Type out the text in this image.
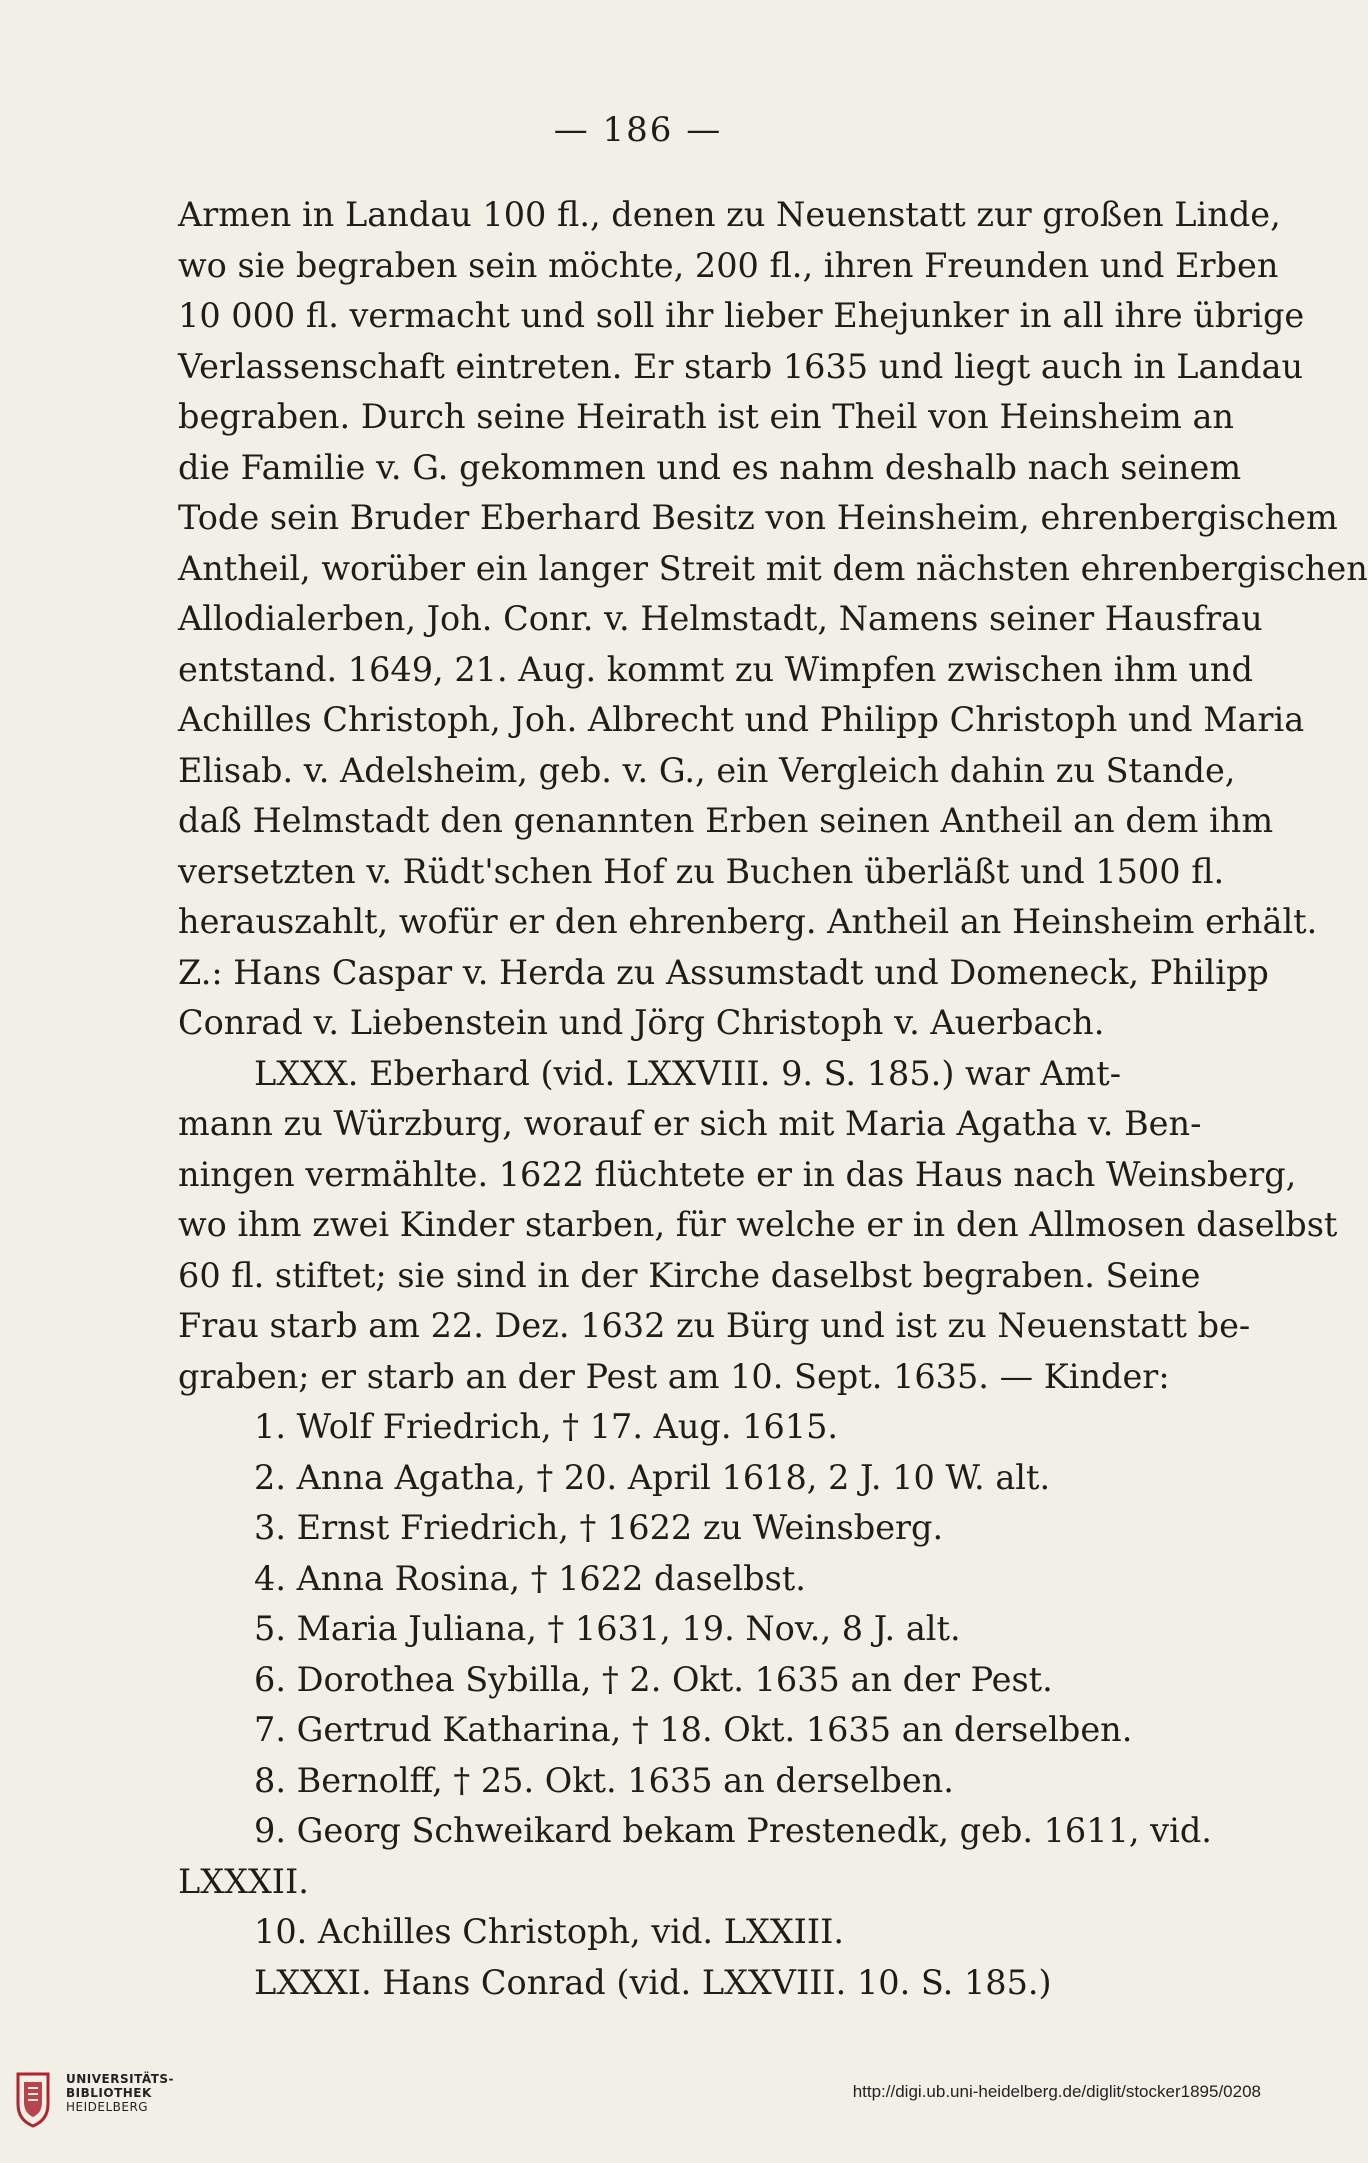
— 186 —
Armen in Landau 100 fl., denen zu Neuenstatt zur großen Linde,
wo sie begraben sein möchte, 200 fl., ihren Freunden und Erben
10 000 fl. vermacht und soll ihr lieber Ehejunker in all ihre übrige
Verlassenschaft eintreten. Er starb 1635 und liegt auch in Landau
begraben. Durch seine Heirath ist ein Theil von Heinsheim an
die Familie v. G. gekommen und es nahm deshalb nach seinem
Tode sein Bruder Eberhard Besitz von Heinsheim, ehrenbergischem
Antheil, worüber ein langer Streit mit dem nächsten ehrenbergischen
Allodialerben, Joh. Conr. v. Helmstadt, Namens seiner Hausfrau
entstand. 1649, 21. Aug. kommt zu Wimpfen zwischen ihm und
Achilles Christoph, Joh. Albrecht und Philipp Christoph und Maria
Elisab. v. Adelsheim, geb. v. G., ein Vergleich dahin zu Stande,
daß Helmstadt den genannten Erben seinen Antheil an dem ihm
versetzten v. Rüdt'schen Hof zu Buchen überläßt und 1500 fl.
herauszahlt, wofür er den ehrenberg. Antheil an Heinsheim erhält.
Z.: Hans Caspar v. Herda zu Assumstadt und Domeneck, Philipp
Conrad v. Liebenstein und Jörg Christoph v. Auerbach.
LXXX. Eberhard (vid. LXXVIII. 9. S. 185.) war Amt-
mann zu Würzburg, worauf er sich mit Maria Agatha v. Ben-
ningen vermählte. 1622 flüchtete er in das Haus nach Weinsberg,
wo ihm zwei Kinder starben, für welche er in den Allmosen daselbst
60 fl. stiftet; sie sind in der Kirche daselbst begraben. Seine
Frau starb am 22. Dez. 1632 zu Bürg und ist zu Neuenstatt be-
graben; er starb an der Pest am 10. Sept. 1635. — Kinder:
1. Wolf Friedrich, † 17. Aug. 1615.
2. Anna Agatha, † 20. April 1618, 2 J. 10 W. alt.
3. Ernst Friedrich, † 1622 zu Weinsberg.
4. Anna Rosina, † 1622 daselbst.
5. Maria Juliana, † 1631, 19. Nov., 8 J. alt.
6. Dorothea Sybilla, † 2. Okt. 1635 an der Pest.
7. Gertrud Katharina, † 18. Okt. 1635 an derselben.
8. Bernolff, † 25. Okt. 1635 an derselben.
9. Georg Schweikard bekam Prestenedk, geb. 1611, vid.
LXXXII.
10. Achilles Christoph, vid. LXXIII.
LXXXI. Hans Conrad (vid. LXXVIII. 10. S. 185.)
UNIVERSITÄTS-
BIBLIOTHEK
HEIDELBERG
http://digi.ub.uni-heidelberg.de/diglit/stocker1895/0208
